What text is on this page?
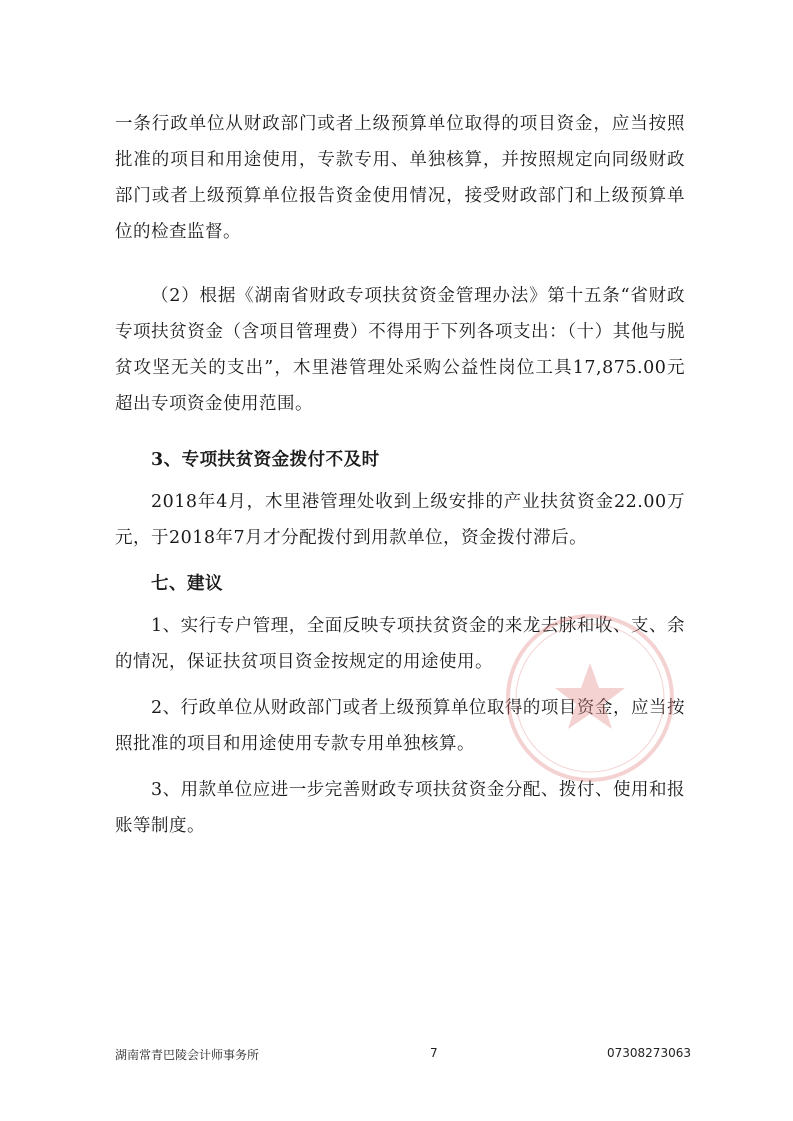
一条行政单位从财政部门或者上级预算单位取得的项目资金，应当按照批准的项目和用途使用，专款专用、单独核算，并按照规定向同级财政部门或者上级预算单位报告资金使用情况，接受财政部门和上级预算单位的检查监督。

（2）根据《湖南省财政专项扶贫资金管理办法》第十五条“省财政专项扶贫资金（含项目管理费）不得用于下列各项支出：（十）其他与脱贫攻坚无关的支出”，木里港管理处采购公益性岗位工具17,875.00元超出专项资金使用范围。

3、专项扶贫资金拨付不及时

2018年4月，木里港管理处收到上级安排的产业扶贫资金22.00万元，于2018年7月才分配拨付到用款单位，资金拨付滞后。

七、建议

1、实行专户管理，全面反映专项扶贫资金的来龙去脉和收、支、余的情况，保证扶贫项目资金按规定的用途使用。

2、行政单位从财政部门或者上级预算单位取得的项目资金，应当按照批准的项目和用途使用专款专用单独核算。

3、用款单位应进一步完善财政专项扶贫资金分配、拨付、使用和报账等制度。

湖南常青巴陵会计师事务所	7	07308273063
